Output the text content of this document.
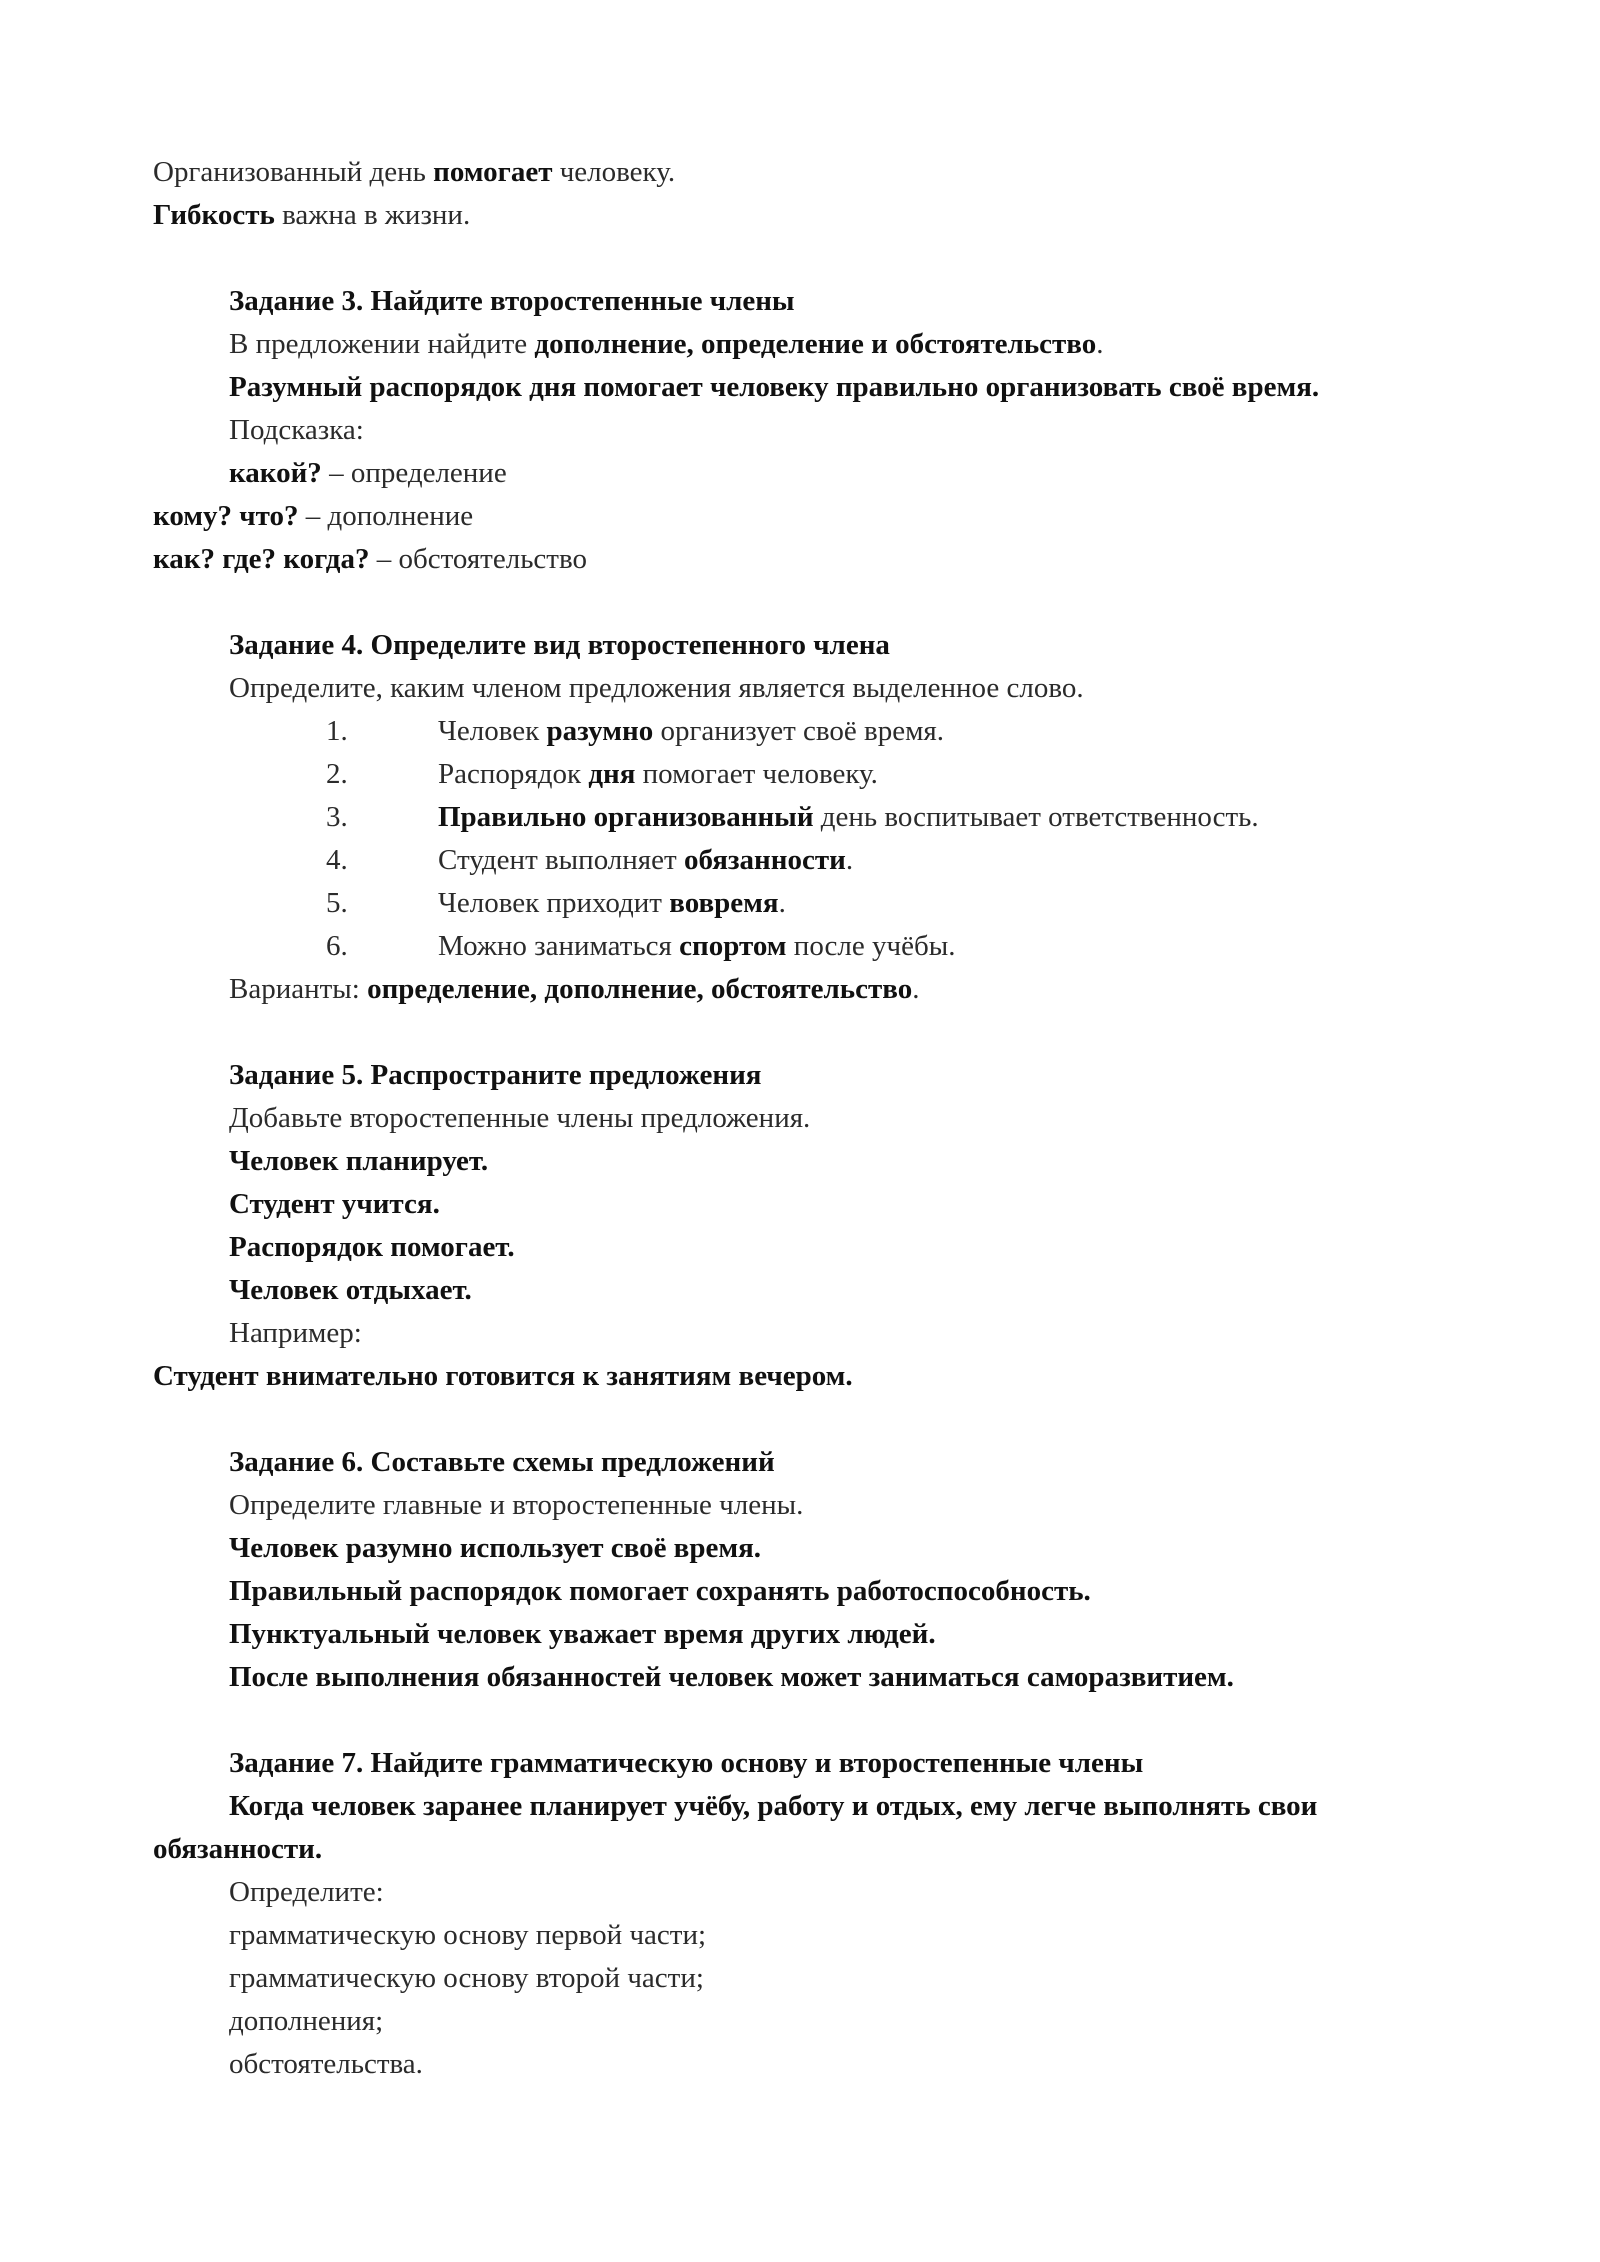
Организованный день помогает человеку.
Гибкость важна в жизни.
Задание 3. Найдите второстепенные члены
В предложении найдите дополнение, определение и обстоятельство.
Разумный распорядок дня помогает человеку правильно организовать своё время.
Подсказка:
какой? – определение
кому? что? – дополнение
как? где? когда? – обстоятельство
Задание 4. Определите вид второстепенного члена
Определите, каким членом предложения является выделенное слово.
1.	Человек разумно организует своё время.
2.	Распорядок дня помогает человеку.
3.	Правильно организованный день воспитывает ответственность.
4.	Студент выполняет обязанности.
5.	Человек приходит вовремя.
6.	Можно заниматься спортом после учёбы.
Варианты: определение, дополнение, обстоятельство.
Задание 5. Распространите предложения
Добавьте второстепенные члены предложения.
Человек планирует.
Студент учится.
Распорядок помогает.
Человек отдыхает.
Например:
Студент внимательно готовится к занятиям вечером.
Задание 6. Составьте схемы предложений
Определите главные и второстепенные члены.
Человек разумно использует своё время.
Правильный распорядок помогает сохранять работоспособность.
Пунктуальный человек уважает время других людей.
После выполнения обязанностей человек может заниматься саморазвитием.
Задание 7. Найдите грамматическую основу и второстепенные члены
Когда человек заранее планирует учёбу, работу и отдых, ему легче выполнять свои
обязанности.
Определите:
грамматическую основу первой части;
грамматическую основу второй части;
дополнения;
обстоятельства.
